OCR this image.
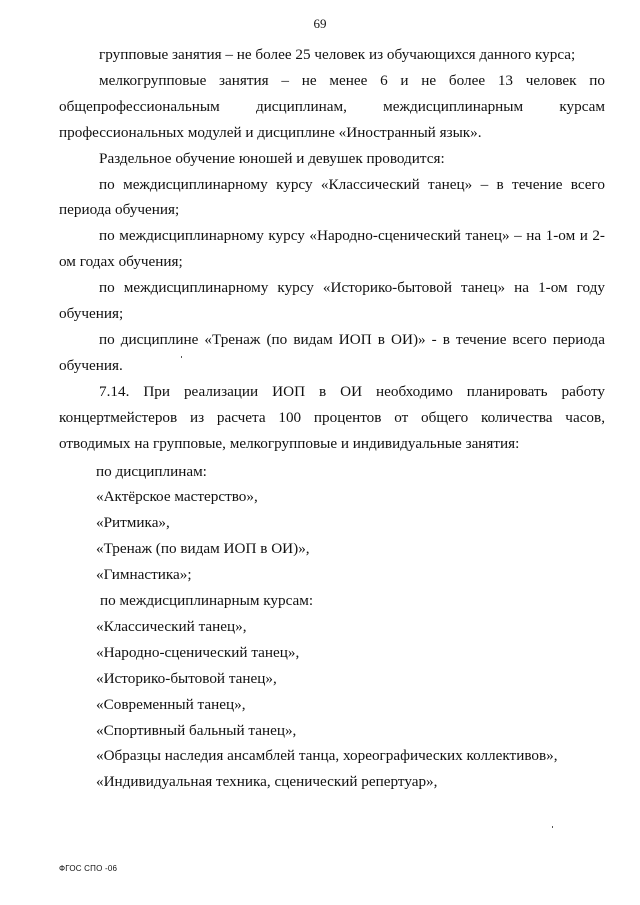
69

групповые занятия – не более 25 человек из обучающихся данного курса;

мелкогрупповые занятия – не менее 6 и не более 13 человек по общепрофессиональным дисциплинам, междисциплинарным курсам профессиональных модулей и дисциплине «Иностранный язык».

Раздельное обучение юношей и девушек проводится:

по междисциплинарному курсу «Классический танец» – в течение всего периода обучения;

по междисциплинарному курсу «Народно-сценический танец» – на 1-ом и 2-ом годах обучения;

по междисциплинарному курсу «Историко-бытовой танец» на 1-ом году обучения;

по дисциплине «Тренаж (по видам ИОП в ОИ)» - в течение всего периода обучения.

7.14. При реализации ИОП в ОИ необходимо планировать работу концертмейстеров из расчета 100 процентов от общего количества часов, отводимых на групповые, мелкогрупповые и индивидуальные занятия:

по дисциплинам:

«Актёрское мастерство»,

«Ритмика»,

«Тренаж (по видам ИОП в ОИ)»,

«Гимнастика»;

по междисциплинарным курсам:

«Классический танец»,

«Народно-сценический танец»,

«Историко-бытовой танец»,

«Современный танец»,

«Спортивный бальный танец»,

«Образцы наследия ансамблей танца, хореографических коллективов»,

«Индивидуальная техника, сценический репертуар»,

ФГОС СПО -06
